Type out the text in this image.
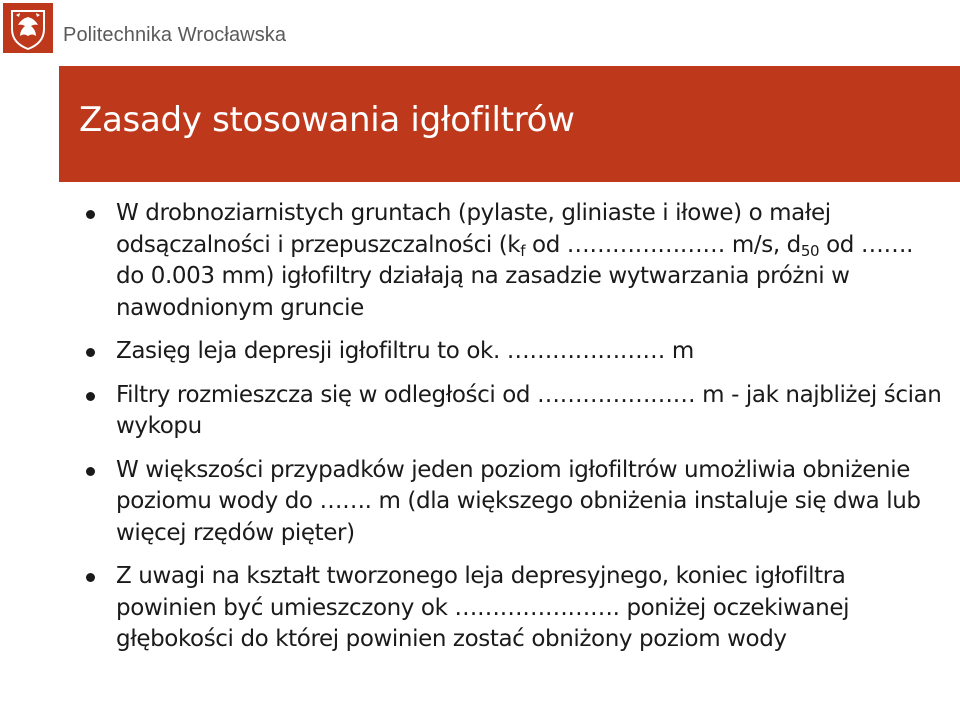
Politechnika Wrocławska
Zasady stosowania igłofiltrów
W drobnoziarnistych gruntach (pylaste, gliniaste i iłowe) o małej odsączalności i przepuszczalności ($k_f$ od ………………… m/s, $d_{50}$ od ……. do 0.003 mm) igłofiltry działają na zasadzie wytwarzania próżni w nawodnionym gruncie
Zasięg leja depresji igłofiltru to ok. ………………… m
Filtry rozmieszcza się w odległości od ………………… m - jak najbliżej ścian wykopu
W większości przypadków jeden poziom igłofiltrów umożliwia obniżenie poziomu wody do ……. m (dla większego obniżenia instaluje się dwa lub więcej rzędów pięter)
Z uwagi na kształt tworzonego leja depresyjnego, koniec igłofiltra powinien być umieszczony ok …………………. poniżej oczekiwanej głębokości do której powinien zostać obniżony poziom wody
